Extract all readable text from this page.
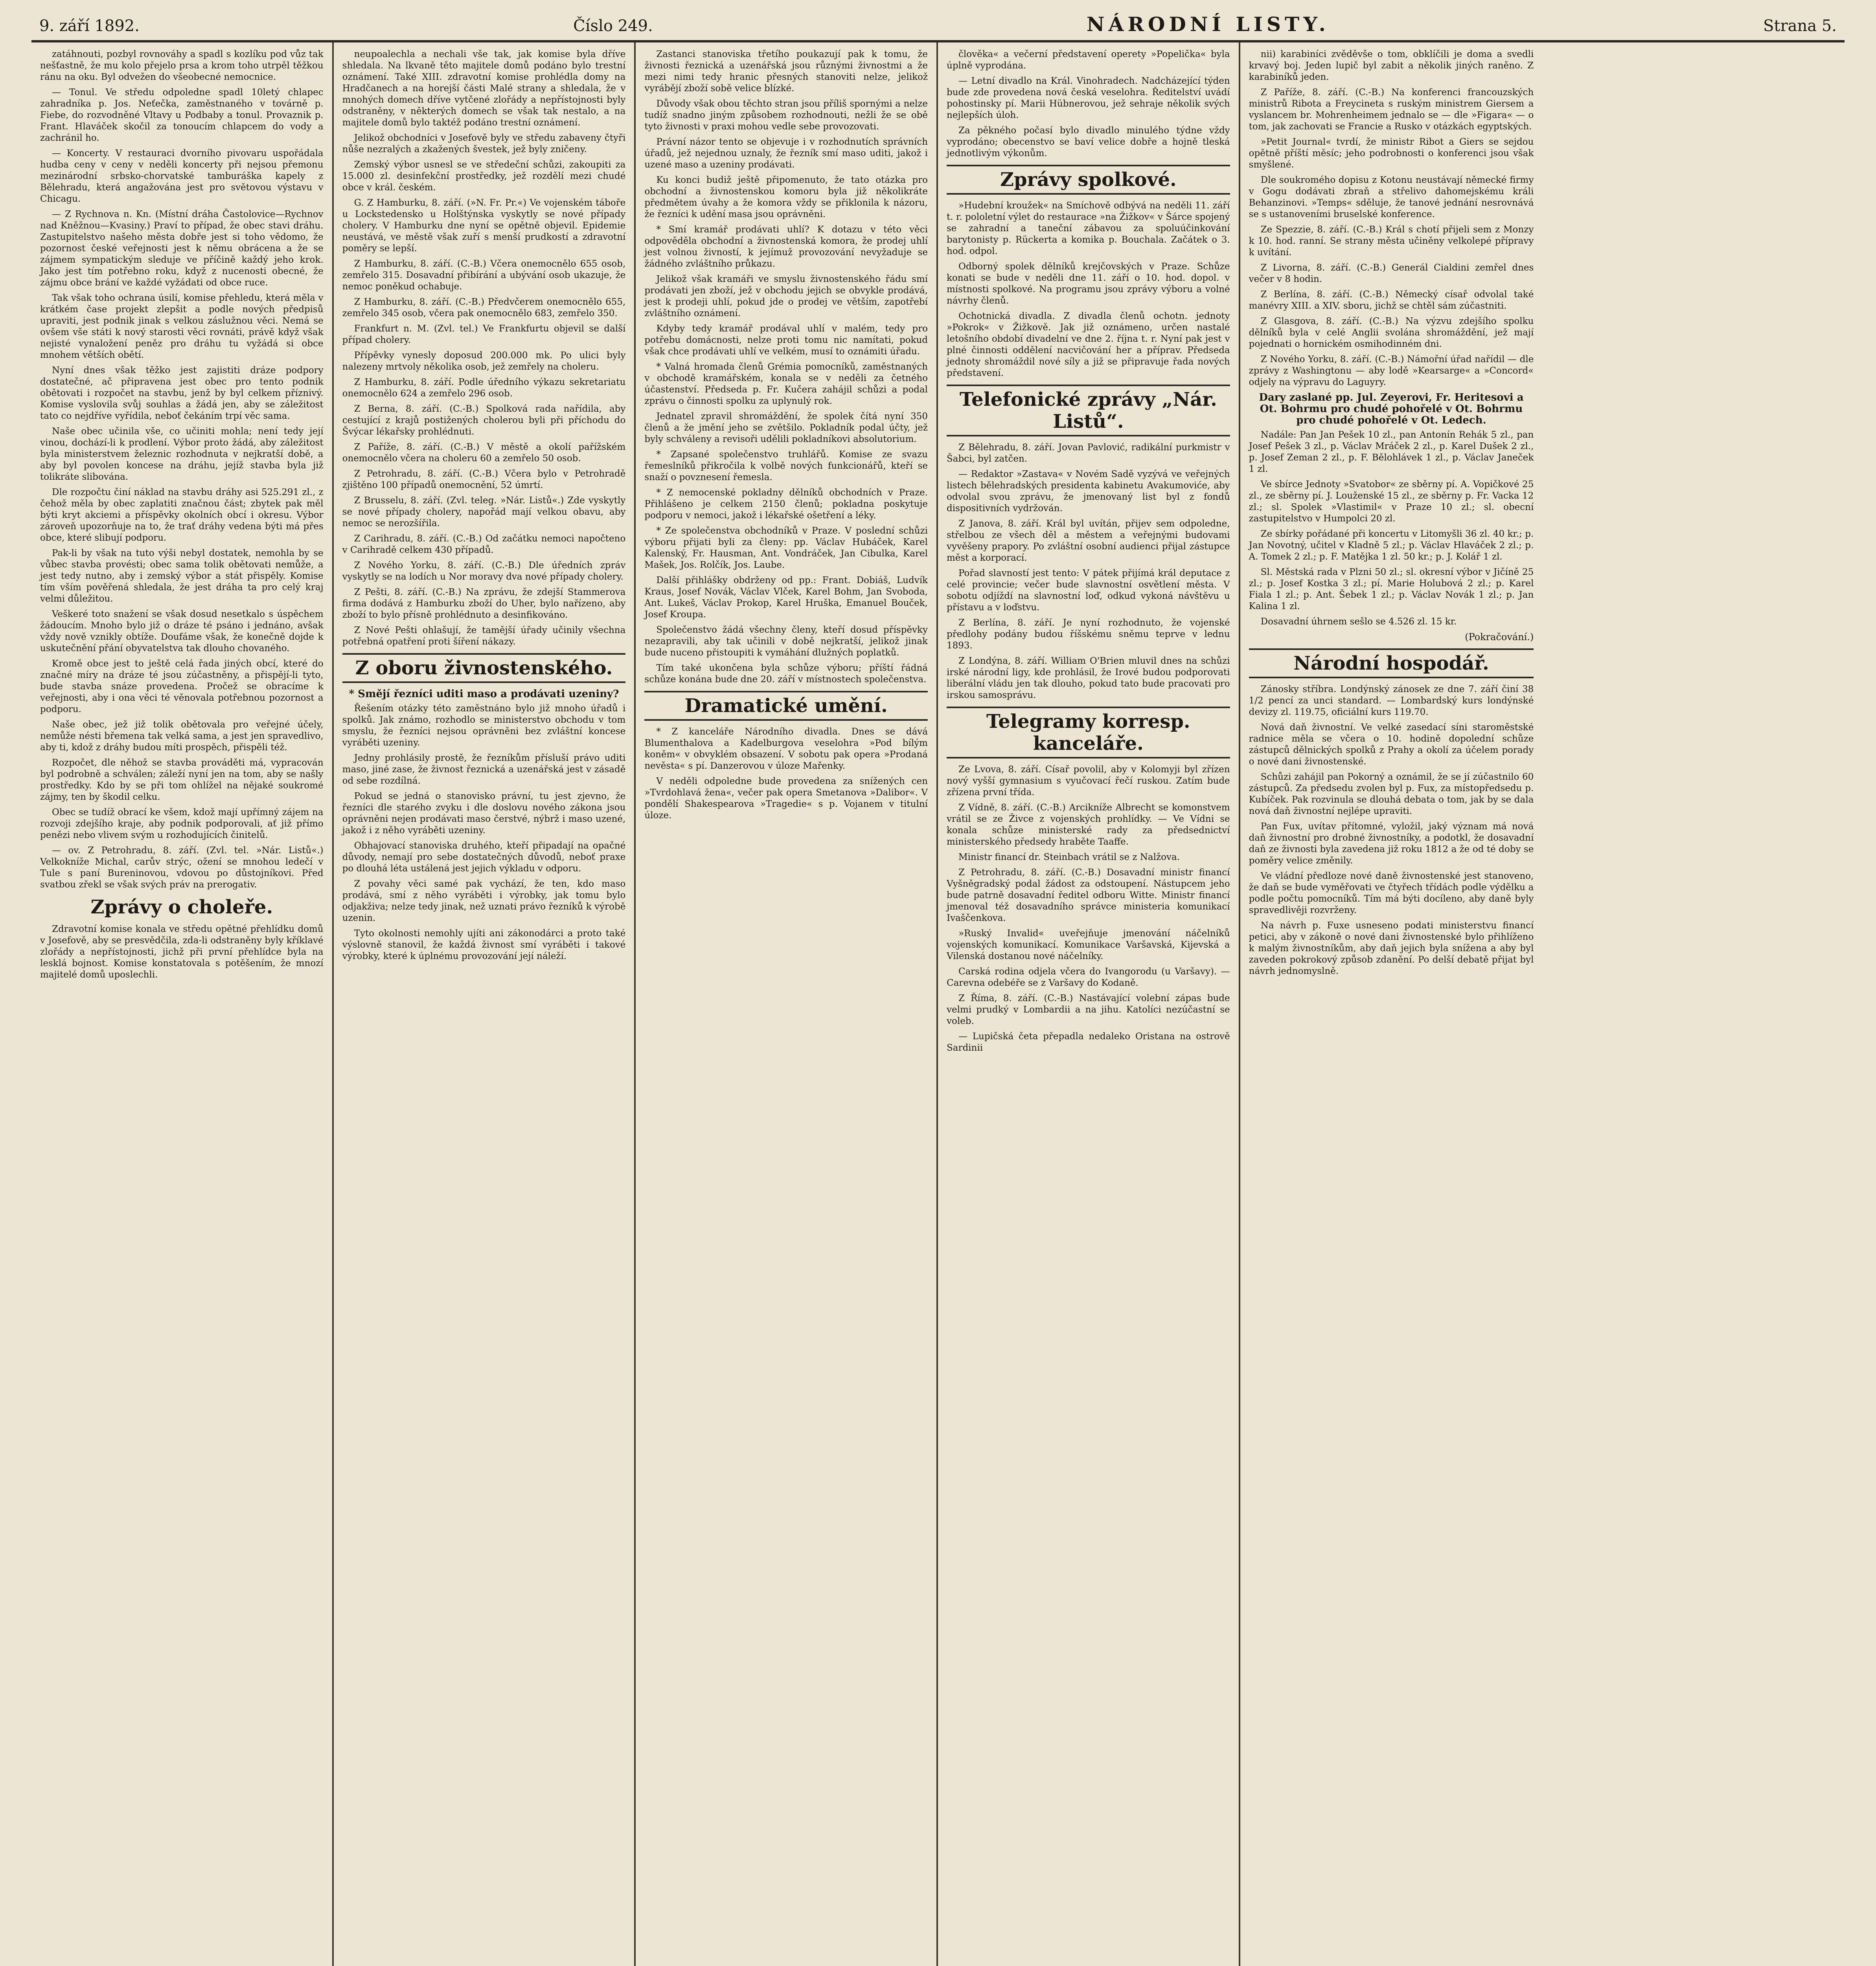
9. září 1892.	Číslo 249.	NÁRODNÍ LISTY.	Strana 5.

zatáhnouti, pozbyl rovnováhy a spadl s kozlíku pod vůz tak nešťastně, že mu kolo přejelo prsa a krom toho utrpěl těžkou ránu na oku. Byl odvežen do všeobecné nemocnice.

— Tonul. Ve středu odpoledne spadl 10letý chlapec zahradníka p. Jos. Neťečka, zaměstnaného v továrně p. Fiebe, do rozvodněné Vltavy u Podbaby a tonul. Provaznik p. Frant. Hlaváček skočil za tonoucím chlapcem do vody a zachránil ho.

— Koncerty. V restauraci dvorního pivovaru uspořádala hudba ceny v ceny v neděli koncerty při nejsou přemonu mezinárodní srbsko-chorvatské tamburáška kapely z Bělehradu, která angažována jest pro světovou výstavu v Chicagu.

— Z Rychnova n. Kn. (Místní dráha Častolovice—Rychnov nad Kněžnou—Kvasiny.) Praví to případ, že obec stavi dráhu. Zastupitelstvo našeho města dobře jest si toho vědomo, že pozornost české veřejnosti jest k němu obrácena a že se zájmem sympatickým sleduje ve příčině každý jeho krok. Jako jest tím potřebno roku, když z nucenosti obecné, že zájmu obce brání ve každé vyžádati od obce ruce.

Tak však toho ochrana úsilí, komise přehledu, která měla v krátkém čase projekt zlepšit a podle nových předpisů upraviti, jest podnik jinak s velkou záslužnou věci. Nemá se ovšem vše státi k nový starosti věci rovnáti, právě když však nejisté vynaložení peněz pro dráhu tu vyžádá si obce mnohem větších obětí.

Nyní dnes však těžko jest zajistiti dráze podpory dostatečné, ač připravena jest obec pro tento podnik obětovati i rozpočet na stavbu, jenž by byl celkem příznivý. Komise vyslovila svůj souhlas a žádá jen, aby se záležitost tato co nejdříve vyřídila, neboť čekáním trpí věc sama.

Naše obec učinila vše, co učiniti mohla; není tedy její vinou, dochází-li k prodlení. Výbor proto žádá, aby záležitost byla ministerstvem železnic rozhodnuta v nejkratší době, a aby byl povolen koncese na dráhu, jejíž stavba byla již tolikráte slibována.

Dle rozpočtu činí náklad na stavbu dráhy asi 525.291 zl., z čehož měla by obec zaplatiti značnou část; zbytek pak měl býti kryt akciemi a příspěvky okolních obcí i okresu. Výbor zároveň upozorňuje na to, že trať dráhy vedena býti má přes obce, které slibují podporu.

Pak-li by však na tuto výši nebyl dostatek, nemohla by se vůbec stavba provésti; obec sama tolik obětovati nemůže, a jest tedy nutno, aby i zemský výbor a stát přispěly. Komise tím vším pověřená shledala, že jest dráha ta pro celý kraj velmi důležitou.

Veškeré toto snažení se však dosud nesetkalo s úspěchem žádoucím. Mnoho bylo již o dráze té psáno i jednáno, avšak vždy nově vznikly obtíže. Doufáme však, že konečně dojde k uskutečnění přání obyvatelstva tak dlouho chovaného.

Kromě obce jest to ještě celá řada jiných obcí, které do značné míry na dráze té jsou zúčastněny, a přispějí-li tyto, bude stavba snáze provedena. Pročež se obracíme k veřejnosti, aby i ona věci té věnovala potřebnou pozornost a podporu.

Naše obec, jež již tolik obětovala pro veřejné účely, nemůže nésti břemena tak velká sama, a jest jen spravedlivo, aby ti, kdož z dráhy budou míti prospěch, přispěli též.

Rozpočet, dle něhož se stavba prováděti má, vypracován byl podrobně a schválen; záleží nyní jen na tom, aby se našly prostředky. Kdo by se při tom ohlížel na nějaké soukromé zájmy, ten by škodil celku.

Obec se tudíž obrací ke všem, kdož mají upřímný zájem na rozvoji zdejšího kraje, aby podnik podporovali, ať již přímo penězi nebo vlivem svým u rozhodujících činitelů.

— ov. Z Petrohradu, 8. září. (Zvl. tel. »Nár. Listů«.) Velkokníže Michal, carův strýc, ožení se mnohou ledečí v Tule s paní Bureninovou, vdovou po důstojníkovi. Před svatbou zřekl se však svých práv na prerogativ.

Zprávy o choleře.

Zdravotní komise konala ve středu opětné přehlídku domů v Josefově, aby se presvědčila, zda-li odstraněny byly kříklavé zlořády a nepřístojnosti, jichž při první přehlídce byla na lesklá bojnost. Komise konstatovala s potěšením, že mnozí majitelé domů uposlechli.

neupoalechla a nechali vše tak, jak komise byla dříve shledala. Na lkvaně těto majitele domů podáno bylo trestní oznámení. Také XIII. zdravotní komise prohlédla domy na Hradčanech a na horejší části Malé strany a shledala, že v mnohých domech dříve vytčené zlořády a nepřístojnosti byly odstraněny, v některých domech se však tak nestalo, a na majitele domů bylo taktéž podáno trestní oznámení.

Jelikož obchodníci v Josefově byly ve středu zabaveny čtyři nůše nezralých a zkažených švestek, jež byly zničeny.

Zemský výbor usnesl se ve středeční schůzi, zakoupiti za 15.000 zl. desinfekční prostředky, jež rozdělí mezi chudé obce v král. českém.

G. Z Hamburku, 8. září. (»N. Fr. Pr.«) Ve vojenském táboře u Lockstedensko u Holštýnska vyskytly se nové případy cholery. V Hamburku dne nyní se opětně objevil. Epidemie neustává, ve městě však zuří s menší prudkostí a zdravotní poměry se lepší.

Z Hamburku, 8. září. (C.-B.) Včera onemocnělo 655 osob, zemřelo 315. Dosavadní přibírání a ubývání osob ukazuje, že nemoc poněkud ochabuje.

Z Hamburku, 8. září. (C.-B.) Předvčerem onemocnělo 655, zemřelo 345 osob, včera pak onemocnělo 683, zemřelo 350.

Frankfurt n. M. (Zvl. tel.) Ve Frankfurtu objevil se další případ cholery.

Přípěvky vynesly doposud 200.000 mk. Po ulici byly nalezeny mrtvoly několika osob, jež zemřely na choleru.

Z Hamburku, 8. září. Podle úředního výkazu sekretariatu onemocnělo 624 a zemřelo 296 osob.

Z Berna, 8. září. (C.-B.) Spolková rada nařídila, aby cestující z krajů postižených cholerou byli při příchodu do Švýcar lékařsky prohlédnuti.

Z Paříže, 8. září. (C.-B.) V městě a okolí pařížském onemocnělo včera na choleru 60 a zemřelo 50 osob.

Z Petrohradu, 8. září. (C.-B.) Včera bylo v Petrohradě zjištěno 100 případů onemocnění, 52 úmrtí.

Z Brusselu, 8. září. (Zvl. teleg. »Nár. Listů«.) Zde vyskytly se nové případy cholery, napořád mají velkou obavu, aby nemoc se nerozšířila.

Z Carihradu, 8. září. (C.-B.) Od začátku nemoci napočteno v Carihradě celkem 430 případů.

Z Nového Yorku, 8. září. (C.-B.) Dle úředních zpráv vyskytly se na lodích u Nor moravy dva nové případy cholery.

Z Pešti, 8. září. (C.-B.) Na zprávu, že zdejší Stammerova firma dodává z Hamburku zboží do Uher, bylo nařízeno, aby zboží to bylo přísně prohlédnuto a desinfikováno.

Z Nové Pešti ohlašují, že tamější úřady učinily všechna potřebná opatření proti šíření nákazy.

Z oboru živnostenského.
* Smějí řezníci uditi maso a prodávati uzeniny?

Řešením otázky této zaměstnáno bylo již mnoho úřadů i spolků. Jak známo, rozhodlo se ministerstvo obchodu v tom smyslu, že řezníci nejsou oprávněni bez zvláštní koncese vyráběti uzeniny.

Jedny prohlásily prostě, že řezníkům přísluší právo uditi maso, jiné zase, že živnost řeznická a uzenářská jest v zásadě od sebe rozdílná.

Pokud se jedná o stanovisko právní, tu jest zjevno, že řezníci dle starého zvyku i dle doslovu nového zákona jsou oprávněni nejen prodávati maso čerstvé, nýbrž i maso uzené, jakož i z něho vyráběti uzeniny.

Obhajovací stanoviska druhého, kteří připadají na opačné důvody, nemají pro sebe dostatečných důvodů, neboť praxe po dlouhá léta ustálená jest jejich výkladu v odporu.

Z povahy věci samé pak vychází, že ten, kdo maso prodává, smí z něho vyráběti i výrobky, jak tomu bylo odjakživa; nelze tedy jinak, než uznati právo řezníků k výrobě uzenin.

Tyto okolnosti nemohly ujíti ani zákonodárci a proto také výslovně stanovil, že každá živnost smí vyráběti i takové výrobky, které k úplnému provozování její náleží.

Zastanci stanoviska třetího poukazují pak k tomu, že živnosti řeznická a uzenářská jsou různými živnostmi a že mezi nimi tedy hranic přesných stanoviti nelze, jelikož vyrábějí zboží sobě velice blízké.

Důvody však obou těchto stran jsou příliš spornými a nelze tudíž snadno jiným způsobem rozhodnouti, nežli že se obě tyto živnosti v praxi mohou vedle sebe provozovati.

Právní názor tento se objevuje i v rozhodnutích správních úřadů, jež nejednou uznaly, že řezník smí maso uditi, jakož i uzené maso a uzeniny prodávati.

Ku konci budiž ještě připomenuto, že tato otázka pro obchodní a živnostenskou komoru byla již několikráte předmětem úvahy a že komora vždy se přiklonila k názoru, že řezníci k udění masa jsou oprávněni.

* Smí kramář prodávati uhlí? K dotazu v této věci odpověděla obchodní a živnostenská komora, že prodej uhlí jest volnou živností, k jejímuž provozování nevyžaduje se žádného zvláštního průkazu.

Jelikož však kramáři ve smyslu živnostenského řádu smí prodávati jen zboží, jež v obchodu jejich se obvykle prodává, jest k prodeji uhlí, pokud jde o prodej ve větším, zapotřebí zvláštního oznámení.

Kdyby tedy kramář prodával uhlí v malém, tedy pro potřebu domácnosti, nelze proti tomu nic namítati, pokud však chce prodávati uhlí ve velkém, musí to oznámiti úřadu.

* Valná hromada členů Grémia pomocníků, zaměstnaných v obchodě kramářském, konala se v neděli za četného účastenství. Předseda p. Fr. Kučera zahájil schůzi a podal zprávu o činnosti spolku za uplynulý rok.

Jednatel zpravil shromáždění, že spolek čítá nyní 350 členů a že jmění jeho se zvětšilo. Pokladník podal účty, jež byly schváleny a revisoři udělili pokladníkovi absolutorium.

* Zapsané společenstvo truhlářů. Komise ze svazu řemeslníků přikročila k volbě nových funkcionářů, kteří se snaží o povznesení řemesla.

* Z nemocenské pokladny dělníků obchodních v Praze. Přihlášeno je celkem 2150 členů; pokladna poskytuje podporu v nemoci, jakož i lékařské ošetření a léky.

* Ze společenstva obchodníků v Praze. V poslední schůzi výboru přijati byli za členy: pp. Václav Hubáček, Karel Kalenský, Fr. Hausman, Ant. Vondráček, Jan Cibulka, Karel Mašek, Jos. Rolčík, Jos. Laube.

Další přihlášky obdrženy od pp.: Frant. Dobiáš, Ludvík Kraus, Josef Novák, Václav Vlček, Karel Bohm, Jan Svoboda, Ant. Lukeš, Václav Prokop, Karel Hruška, Emanuel Bouček, Josef Kroupa.

Společenstvo žádá všechny členy, kteří dosud příspěvky nezapravili, aby tak učinili v době nejkratší, jelikož jinak bude nuceno přistoupiti k vymáhání dlužných poplatků.

Tím také ukončena byla schůze výboru; příští řádná schůze konána bude dne 20. září v místnostech společenstva.

Dramatické umění.

* Z kanceláře Národního divadla. Dnes se dává Blumenthalova a Kadelburgova veselohra »Pod bílým koněm« v obvyklém obsazení. V sobotu pak opera »Prodaná nevěsta« s pí. Danzerovou v úloze Mařenky.

V neděli odpoledne bude provedena za snížených cen »Tvrdohlavá žena«, večer pak opera Smetanova »Dalibor«. V pondělí Shakespearova »Tragedie« s p. Vojanem v titulní úloze.

člověka« a večerní představení operety »Popelička« byla úplně vyprodána.

— Letní divadlo na Král. Vinohradech. Nadcházející týden bude zde provedena nová česká veselohra. Ředitelství uvádí pohostinsky pí. Marii Hübnerovou, jež sehraje několik svých nejlepších úloh.

Za pěkného počasí bylo divadlo minulého týdne vždy vyprodáno; obecenstvo se baví velice dobře a hojně tleská jednotlivým výkonům.

Zprávy spolkové.

»Hudební kroužek« na Smíchově odbývá na neděli 11. září t. r. pololetní výlet do restaurace »na Žižkov« v Šárce spojený se zahradní a taneční zábavou za spoluúčinkování barytonisty p. Rückerta a komika p. Bouchala. Začátek o 3. hod. odpol.

Odborný spolek dělníků krejčovských v Praze. Schůze konati se bude v neděli dne 11. září o 10. hod. dopol. v místnosti spolkové. Na programu jsou zprávy výboru a volné návrhy členů.

Ochotnická divadla. Z divadla členů ochotn. jednoty »Pokrok« v Žižkově. Jak již oznámeno, určen nastalé letošního období divadelní ve dne 2. října t. r. Nyní pak jest v plné činnosti oddělení nacvičování her a příprav. Předseda jednoty shromáždil nové síly a již se připravuje řada nových představení.

Telefonické zprávy „Nár. Listů“.

Z Bělehradu, 8. září. Jovan Pavlović, radikální purkmistr v Šabci, byl zatčen.

— Redaktor »Zastava« v Novém Sadě vyzývá ve veřejných listech bělehradských presidenta kabinetu Avakumoviće, aby odvolal svou zprávu, že jmenovaný list byl z fondů dispositivních vydržován.

Z Janova, 8. září. Král byl uvítán, přijev sem odpoledne, střelbou ze všech děl a městem a veřejnými budovami vyvěšeny prapory. Po zvláštní osobní audienci přijal zástupce měst a korporací.

Pořad slavností jest tento: V pátek přijímá král deputace z celé provincie; večer bude slavnostní osvětlení města. V sobotu odjíždí na slavnostní loď, odkud vykoná návštěvu u přístavu a v loďstvu.

Z Berlína, 8. září. Je nyní rozhodnuto, že vojenské předlohy podány budou říšskému sněmu teprve v lednu 1893.

Z Londýna, 8. září. William O'Brien mluvil dnes na schůzi irské národní ligy, kde prohlásil, že Irové budou podporovati liberální vládu jen tak dlouho, pokud tato bude pracovati pro irskou samosprávu.

Telegramy korresp. kanceláře.

Ze Lvova, 8. září. Císař povolil, aby v Kolomyji byl zřízen nový vyšší gymnasium s vyučovací řečí ruskou. Zatím bude zřízena první třída.

Z Vídně, 8. září. (C.-B.) Arcikníže Albrecht se komonstvem vrátil se ze Živce z vojenských prohlídky. — Ve Vídni se konala schůze ministerské rady za předsednictví ministerského předsedy hraběte Taaffe.

Ministr financí dr. Steinbach vrátil se z Nalžova.

Z Petrohradu, 8. září. (C.-B.) Dosavadní ministr financí Vyšněgradský podal žádost za odstoupení. Nástupcem jeho bude patrně dosavadní ředitel odboru Witte. Ministr financí jmenoval též dosavadního správce ministeria komunikací Ivaščenkova.

»Ruský Invalid« uveřejňuje jmenování náčelníků vojenských komunikací. Komunikace Varšavská, Kijevská a Vilenská dostanou nové náčelníky.

Carská rodina odjela včera do Ivangorodu (u Varšavy). — Carevna odebéře se z Varšavy do Kodaně.

Z Říma, 8. září. (C.-B.) Nastávající volební zápas bude velmi prudký v Lombardii a na jihu. Katolíci nezúčastní se voleb.

— Lupičská četa přepadla nedaleko Oristana na ostrově Sardinii

nii) karabiníci zvěděvše o tom, obklíčili je doma a svedli krvavý boj. Jeden lupič byl zabit a několik jiných raněno. Z karabiníků jeden.

Z Paříže, 8. září. (C.-B.) Na konferenci francouzských ministrů Ribota a Freycineta s ruským ministrem Giersem a vyslancem br. Mohrenheimem jednalo se — dle »Figara« — o tom, jak zachovati se Francie a Rusko v otázkách egyptských.

»Petit Journal« tvrdí, že ministr Ribot a Giers se sejdou opětně příští měsíc; jeho podrobnosti o konferenci jsou však smyšlené.

Dle soukromého dopisu z Kotonu neustávají německé firmy v Gogu dodávati zbraň a střelivo dahomejskému králi Behanzinovi. »Temps« sděluje, že tanové jednání nesrovnává se s ustanoveními bruselské konference.

Ze Spezzie, 8. září. (C.-B.) Král s chotí přijeli sem z Monzy k 10. hod. ranní. Se strany města učiněny velkolepé přípravy k uvítání.

Z Livorna, 8. září. (C.-B.) Generál Cialdini zemřel dnes večer v 8 hodin.

Z Berlína, 8. září. (C.-B.) Německý císař odvolal také manévry XIII. a XIV. sboru, jichž se chtěl sám zúčastniti.

Z Glasgova, 8. září. (C.-B.) Na výzvu zdejšího spolku dělníků byla v celé Anglii svolána shromáždění, jež mají pojednati o hornickém osmihodinném dni.

Z Nového Yorku, 8. září. (C.-B.) Námořní úřad nařídil — dle zprávy z Washingtonu — aby lodě »Kearsarge« a »Concord« odjely na výpravu do Laguyry.

Dary zaslané pp. Jul. Zeyerovi, Fr. Heritesovi a Ot. Bohrmu pro chudé pohořelé v Ot. Bohrmu pro chudé pohořelé v Ot. Ledech.

Nadále: Pan Jan Pešek 10 zl., pan Antonín Rehák 5 zl., pan Josef Pešek 3 zl., p. Václav Mráček 2 zl., p. Karel Dušek 2 zl., p. Josef Zeman 2 zl., p. F. Bělohlávek 1 zl., p. Václav Janeček 1 zl.

Ve sbírce Jednoty »Svatobor« ze sběrny pí. A. Vopičkové 25 zl., ze sběrny pí. J. Louženské 15 zl., ze sběrny p. Fr. Vacka 12 zl.; sl. Spolek »Vlastimil« v Praze 10 zl.; sl. obecní zastupitelstvo v Humpolci 20 zl.

Ze sbírky pořádané při koncertu v Litomyšli 36 zl. 40 kr.; p. Jan Novotný, učitel v Kladně 5 zl.; p. Václav Hlaváček 2 zl.; p. A. Tomek 2 zl.; p. F. Matějka 1 zl. 50 kr.; p. J. Kolář 1 zl.

Sl. Městská rada v Plzni 50 zl.; sl. okresní výbor v Jičíně 25 zl.; p. Josef Kostka 3 zl.; pí. Marie Holubová 2 zl.; p. Karel Fiala 1 zl.; p. Ant. Šebek 1 zl.; p. Václav Novák 1 zl.; p. Jan Kalina 1 zl.

Dosavadní úhrnem sešlo se 4.526 zl. 15 kr.

(Pokračování.)
Národní hospodář.

Zánosky stříbra. Londýnský zánosek ze dne 7. září činí 38 1/2 pencí za unci standard. — Lombardský kurs londýnské devizy zl. 119.75, oficiální kurs 119.70.

Nová daň živnostní. Ve velké zasedací síni staroměstské radnice měla se včera o 10. hodině dopolední schůze zástupců dělnických spolků z Prahy a okolí za účelem porady o nové dani živnostenské.

Schůzi zahájil pan Pokorný a oznámil, že se jí zúčastnilo 60 zástupců. Za předsedu zvolen byl p. Fux, za místopředsedu p. Kubíček. Pak rozvinula se dlouhá debata o tom, jak by se dala nová daň živnostní nejlépe upraviti.

Pan Fux, uvítav přítomné, vyložil, jaký význam má nová daň živnostní pro drobné živnostníky, a podotkl, že dosavadní daň ze živnosti byla zavedena již roku 1812 a že od té doby se poměry velice změnily.

Ve vládní předloze nové daně živnostenské jest stanoveno, že daň se bude vyměřovati ve čtyřech třídách podle výdělku a podle počtu pomocníků. Tím má býti docíleno, aby daně byly spravedlivěji rozvrženy.

Na návrh p. Fuxe usneseno podati ministerstvu financí petici, aby v zákoně o nové dani živnostenské bylo přihlíženo k malým živnostníkům, aby daň jejich byla snížena a aby byl zaveden pokrokový způsob zdanění. Po delší debatě přijat byl návrh jednomyslně.
